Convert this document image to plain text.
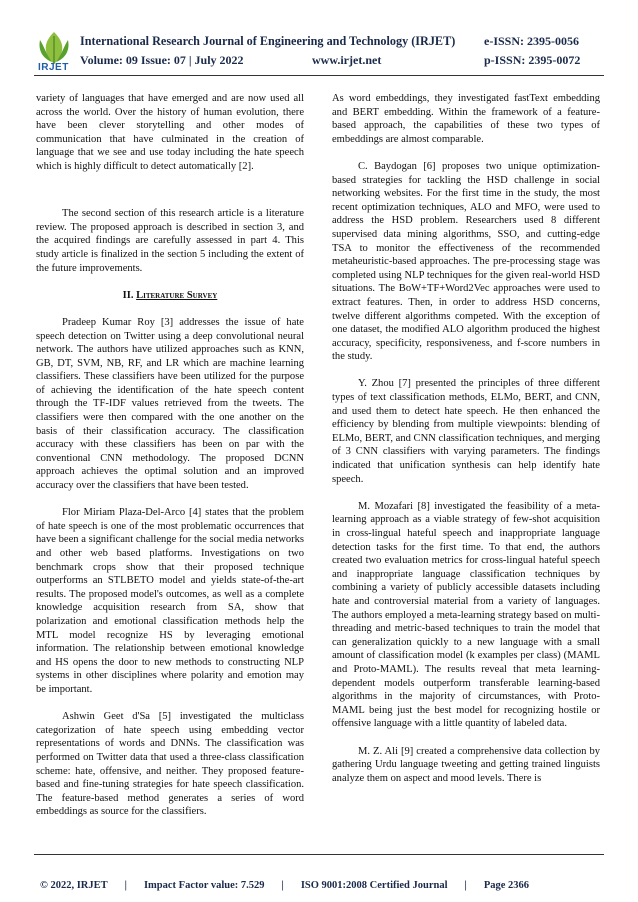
IRJET
International Research Journal of Engineering and Technology (IRJET)
Volume: 09 Issue: 07 | July 2022	www.irjet.net
e-ISSN: 2395-0056
p-ISSN: 2395-0072

variety of languages that have emerged and are now used all across the world. Over the history of human evolution, there have been clever storytelling and other modes of communication that have culminated in the creation of language that we see and use today including the hate speech which is highly difficult to detect automatically [2].

The second section of this research article is a literature review. The proposed approach is described in section 3, and the acquired findings are carefully assessed in part 4. This study article is finalized in the section 5 including the extent of the future improvements.

II. Literature Survey

Pradeep Kumar Roy [3] addresses the issue of hate speech detection on Twitter using a deep convolutional neural network. The authors have utilized approaches such as KNN, GB, DT, SVM, NB, RF, and LR which are machine learning classifiers. These classifiers have been utilized for the purpose of achieving the identification of the hate speech content through the TF-IDF values retrieved from the tweets. The classifiers were then compared with the one another on the basis of their classification accuracy. The classification accuracy with these classifiers has been on par with the conventional CNN methodology. The proposed DCNN approach achieves the optimal solution and an improved accuracy over the classifiers that have been tested.

Flor Miriam Plaza-Del-Arco [4] states that the problem of hate speech is one of the most problematic occurrences that have been a significant challenge for the social media networks and other web based platforms. Investigations on two benchmark crops show that their proposed technique outperforms an STLBETO model and yields state-of-the-art results. The proposed model's outcomes, as well as a complete knowledge acquisition research from SA, show that polarization and emotional classification methods help the MTL model recognize HS by leveraging emotional information. The relationship between emotional knowledge and HS opens the door to new methods to constructing NLP systems in other disciplines where polarity and emotion may be important.

Ashwin Geet d'Sa [5] investigated the multiclass categorization of hate speech using embedding vector representations of words and DNNs. The classification was performed on Twitter data that used a three-class classification scheme: hate, offensive, and neither. They proposed feature-based and fine-tuning strategies for hate speech classification. The feature-based method generates a series of word embeddings as source for the classifiers.

As word embeddings, they investigated fastText embedding and BERT embedding. Within the framework of a feature-based approach, the capabilities of these two types of embeddings are almost comparable.

C. Baydogan [6] proposes two unique optimization-based strategies for tackling the HSD challenge in social networking websites. For the first time in the study, the most recent optimization techniques, ALO and MFO, were used to address the HSD problem. Researchers used 8 different supervised data mining algorithms, SSO, and cutting-edge TSA to monitor the effectiveness of the recommended metaheuristic-based approaches. The pre-processing stage was completed using NLP techniques for the given real-world HSD situations. The BoW+TF+Word2Vec approaches were used to extract features. Then, in order to address HSD concerns, twelve different algorithms competed. With the exception of one dataset, the modified ALO algorithm produced the highest accuracy, specificity, responsiveness, and f-score numbers in the study.

Y. Zhou [7] presented the principles of three different types of text classification methods, ELMo, BERT, and CNN, and used them to detect hate speech. He then enhanced the efficiency by blending from multiple viewpoints: blending of ELMo, BERT, and CNN classification techniques, and merging of 3 CNN classifiers with varying parameters. The findings indicated that unification synthesis can help identify hate speech.

M. Mozafari [8] investigated the feasibility of a meta-learning approach as a viable strategy of few-shot acquisition in cross-lingual hateful speech and inappropriate language detection tasks for the first time. To that end, the authors created two evaluation metrics for cross-lingual hateful speech and inappropriate language classification techniques by combining a variety of publicly accessible datasets including hate and controversial material from a variety of languages. The authors employed a meta-learning strategy based on multi-threading and metric-based techniques to train the model that can generalization quickly to a new language with a small amount of classification model (k examples per class) (MAML and Proto-MAML). The results reveal that meta learning-dependent models outperform transferable learning-based algorithms in the majority of circumstances, with Proto-MAML being just the best model for recognizing hostile or offensive language with a little quantity of labeled data.

M. Z. Ali [9] created a comprehensive data collection by gathering Urdu language tweeting and getting trained linguists analyze them on aspect and mood levels. There is

© 2022, IRJET | Impact Factor value: 7.529 | ISO 9001:2008 Certified Journal | Page 2366
